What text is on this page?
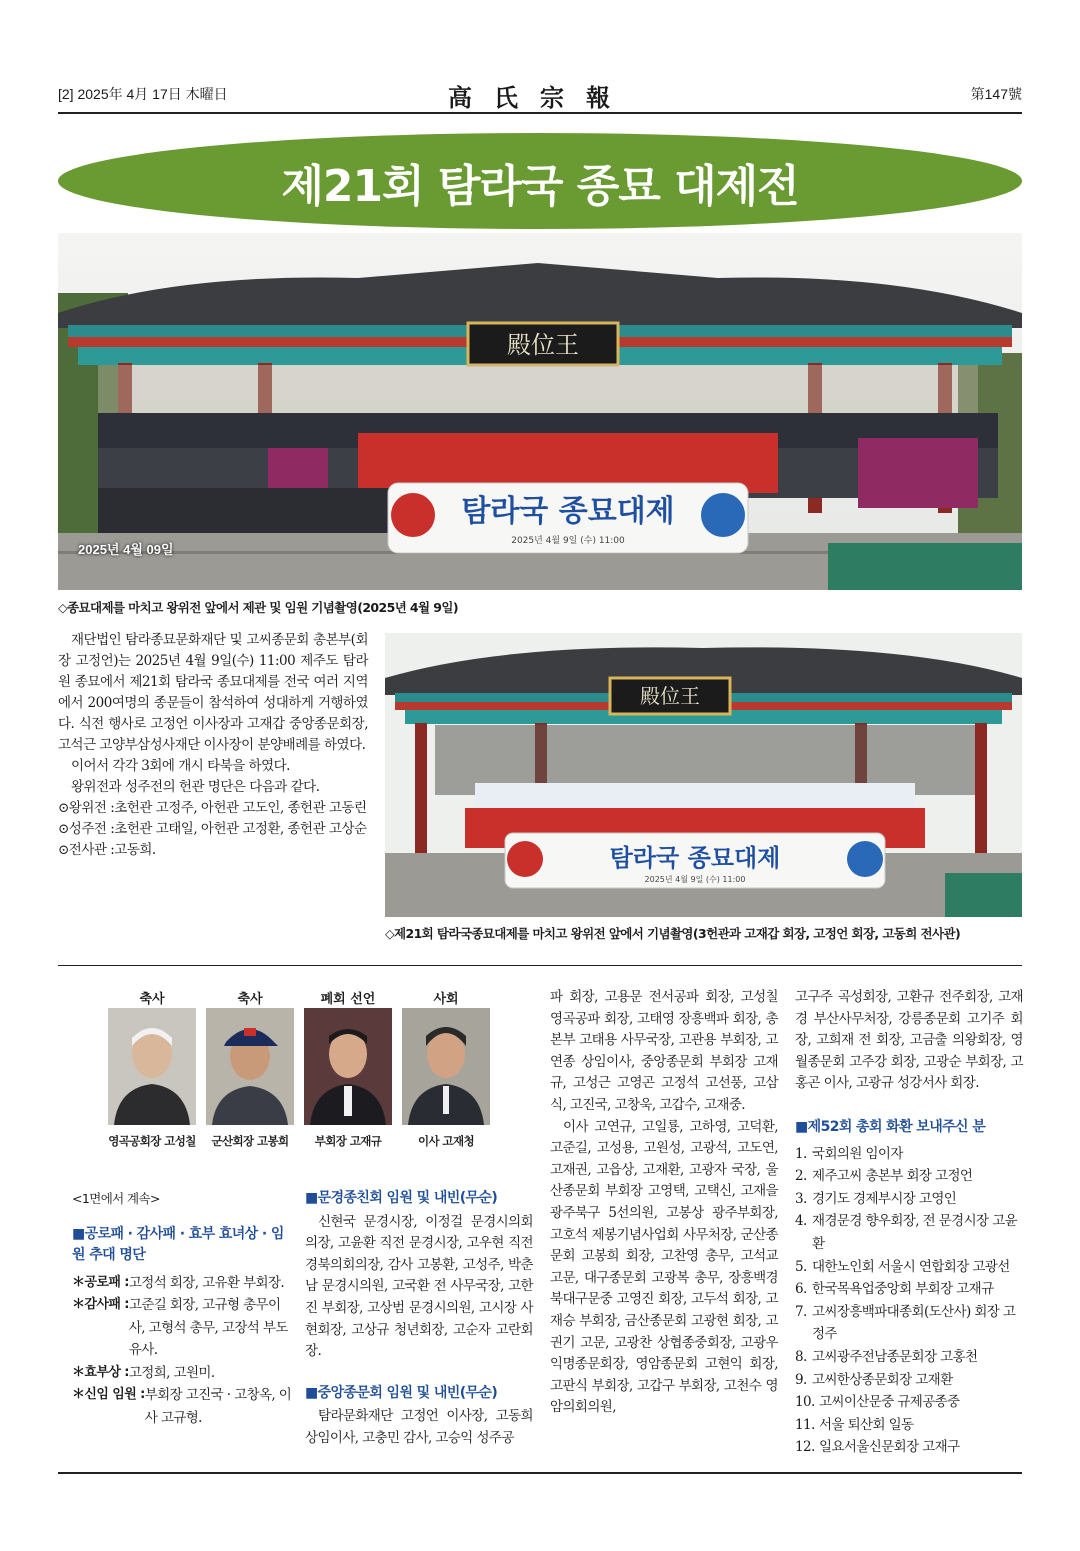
[2] 2025年 4月 17日 木曜日	高氏宗報	第147號
제21회 탐라국 종묘 대제전
殿位王
탐라국 종묘대제
2025년 4월 9일 (수) 11:00
2025년 4월 09일
◇종묘대제를 마치고 왕위전 앞에서 제관 및 임원 기념촬영(2025년 4월 9일)
殿位王
탐라국 종묘대제
2025년 4월 9일 (수) 11:00
◇제21회 탐라국종묘대제를 마치고 왕위전 앞에서 기념촬영(3헌관과 고재갑 회장, 고정언 회장, 고동희 전사관)

재단법인 탐라종묘문화재단 및 고씨종문회 총본부(회장 고정언)는 2025년 4월 9일(수) 11:00 제주도 탐라원 종묘에서 제21회 탐라국 종묘대제를 전국 여러 지역에서 200여명의 종문들이 참석하여 성대하게 거행하였다. 식전 행사로 고정언 이사장과 고재갑 중앙종문회장, 고석근 고양부삼성사재단 이사장이 분양배례를 하였다.

이어서 각각 3회에 개시 타북을 하였다.

왕위전과 성주전의 헌관 명단은 다음과 같다.

⊙왕위전 : 초헌관 고정주, 아헌관 고도인, 종헌관 고동린
⊙성주전 : 초헌관 고태일, 아헌관 고정환, 종헌관 고상순
⊙전사관 : 고동희.
축사
영곡공회장 고성칠
축사
군산회장 고봉희
폐회 선언
부회장 고재규
사회
이사 고재청
<1면에서 계속>
■공로패 · 감사패 · 효부 효녀상 · 임원 추대 명단
＊공로패 : 고정석 회장, 고유환 부회장.
＊감사패 : 고준길 회장, 고규형 총무이사, 고형석 총무, 고장석 부도유사.
＊효부상 : 고정희, 고원미.
＊신임 임원 : 부회장 고진국 · 고창옥, 이사 고규형.
■문경종친회 임원 및 내빈(무순)

신현국 문경시장, 이정걸 문경시의회 의장, 고윤환 직전 문경시장, 고우현 직전 경북의회의장, 감사 고봉환, 고성주, 박춘남 문경시의원, 고국환 전 사무국장, 고한진 부회장, 고상범 문경시의원, 고시장 사현회장, 고상규 청년회장, 고순자 고란회장.

■중앙종문회 임원 및 내빈(무순)

탐라문화재단 고정언 이사장, 고동희 상임이사, 고충민 감사, 고승익 성주공

파 회장, 고용문 전서공파 회장, 고성칠 영곡공파 회장, 고태영 장흥백파 회장, 총본부 고태용 사무국장, 고관용 부회장, 고연종 상임이사, 중앙종문회 부회장 고재규, 고성근 고영곤 고정석 고선풍, 고삼식, 고진국, 고창욱, 고갑수, 고재중.

이사 고연규, 고일룡, 고하영, 고덕환, 고준길, 고성용, 고원성, 고광석, 고도연, 고재권, 고읍상, 고재환, 고광자 국장, 울산종문회 부회장 고영택, 고택신, 고재을 광주북구 5선의원, 고봉상 광주부회장, 고호석 제봉기념사업회 사무처장, 군산종문회 고봉희 회장, 고찬영 총무, 고석교 고문, 대구종문회 고광복 총무, 장흥백경북대구문중 고영진 회장, 고두석 회장, 고재승 부회장, 금산종문회 고광현 회장, 고권기 고문, 고광찬 상협종중회장, 고광우 익명종문회장, 영암종문회 고현익 회장, 고판식 부회장, 고갑구 부회장, 고천수 영암의회의원,

고구주 곡성회장, 고환규 전주회장, 고재경 부산사무처장, 강릉종문회 고기주 회장, 고희재 전 회장, 고금출 의왕회장, 영월종문회 고주강 회장, 고광순 부회장, 고홍곤 이사, 고광규 성강서사 회장.

■제52회 총회 화환 보내주신 분
1. 국회의원 임이자
2. 제주고씨 총본부 회장 고정언
3. 경기도 경제부시장 고영인
4. 재경문경 향우회장, 전 문경시장 고윤환
5. 대한노인회 서울시 연합회장 고광선
6. 한국목욕업중앙회 부회장 고재규
7. 고씨장흥백파대종회(도산사) 회장 고정주
8. 고씨광주전남종문회장 고홍천
9. 고씨한상종문회장 고재환
10. 고씨이산문중 규제공종중
11. 서울 퇴산회 일동
12. 일요서울신문회장 고재구
